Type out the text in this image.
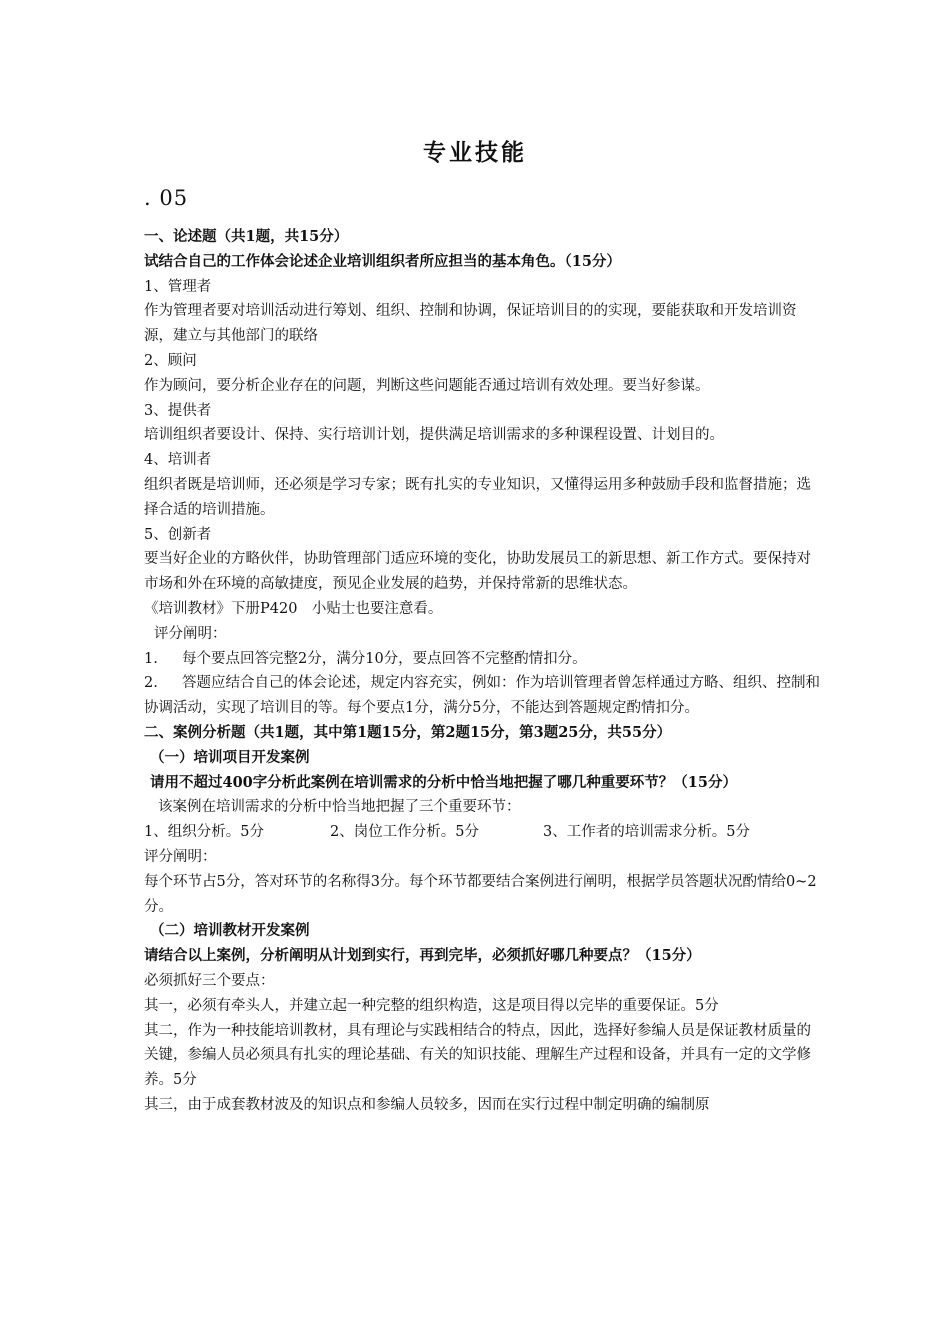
专业技能
. 05

一、论述题（共1题，共15分）

试结合自己的工作体会论述企业培训组织者所应担当的基本角色。（15分）

1、管理者

作为管理者要对培训活动进行筹划、组织、控制和协调，保证培训目的的实现，要能获取和开发培训资源，建立与其他部门的联络

2、顾问

作为顾问，要分析企业存在的问题，判断这些问题能否通过培训有效处理。要当好参谋。

3、提供者

培训组织者要设计、保持、实行培训计划，提供满足培训需求的多种课程设置、计划目的。

4、培训者

组织者既是培训师，还必须是学习专家；既有扎实的专业知识，又懂得运用多种鼓励手段和监督措施；选择合适的培训措施。

5、创新者

要当好企业的方略伙伴，协助管理部门适应环境的变化，协助发展员工的新思想、新工作方式。要保持对市场和外在环境的高敏捷度，预见企业发展的趋势，并保持常新的思维状态。

《培训教材》下册P420　小贴士也要注意看。

评分阐明：

1. 每个要点回答完整2分，满分10分，要点回答不完整酌情扣分。

2. 答题应结合自己的体会论述，规定内容充实，例如：作为培训管理者曾怎样通过方略、组织、控制和协调活动，实现了培训目的等。每个要点1分，满分5分，不能达到答题规定酌情扣分。

二、案例分析题（共1题，其中第1题15分，第2题15分，第3题25分，共55分）

（一）培训项目开发案例

请用不超过400字分析此案例在培训需求的分析中恰当地把握了哪几种重要环节？（15分）

该案例在培训需求的分析中恰当地把握了三个重要环节：

1、组织分析。5分	2、岗位工作分析。5分	3、工作者的培训需求分析。5分

评分阐明：

每个环节占5分，答对环节的名称得3分。每个环节都要结合案例进行阐明，根据学员答题状况酌情给0~2分。

（二）培训教材开发案例

请结合以上案例，分析阐明从计划到实行，再到完毕，必须抓好哪几种要点？（15分）

必须抓好三个要点：

其一，必须有牵头人，并建立起一种完整的组织构造，这是项目得以完毕的重要保证。5分

其二，作为一种技能培训教材，具有理论与实践相结合的特点，因此，选择好参编人员是保证教材质量的关键，参编人员必须具有扎实的理论基础、有关的知识技能、理解生产过程和设备，并具有一定的文学修养。5分

其三，由于成套教材波及的知识点和参编人员较多，因而在实行过程中制定明确的编制原
